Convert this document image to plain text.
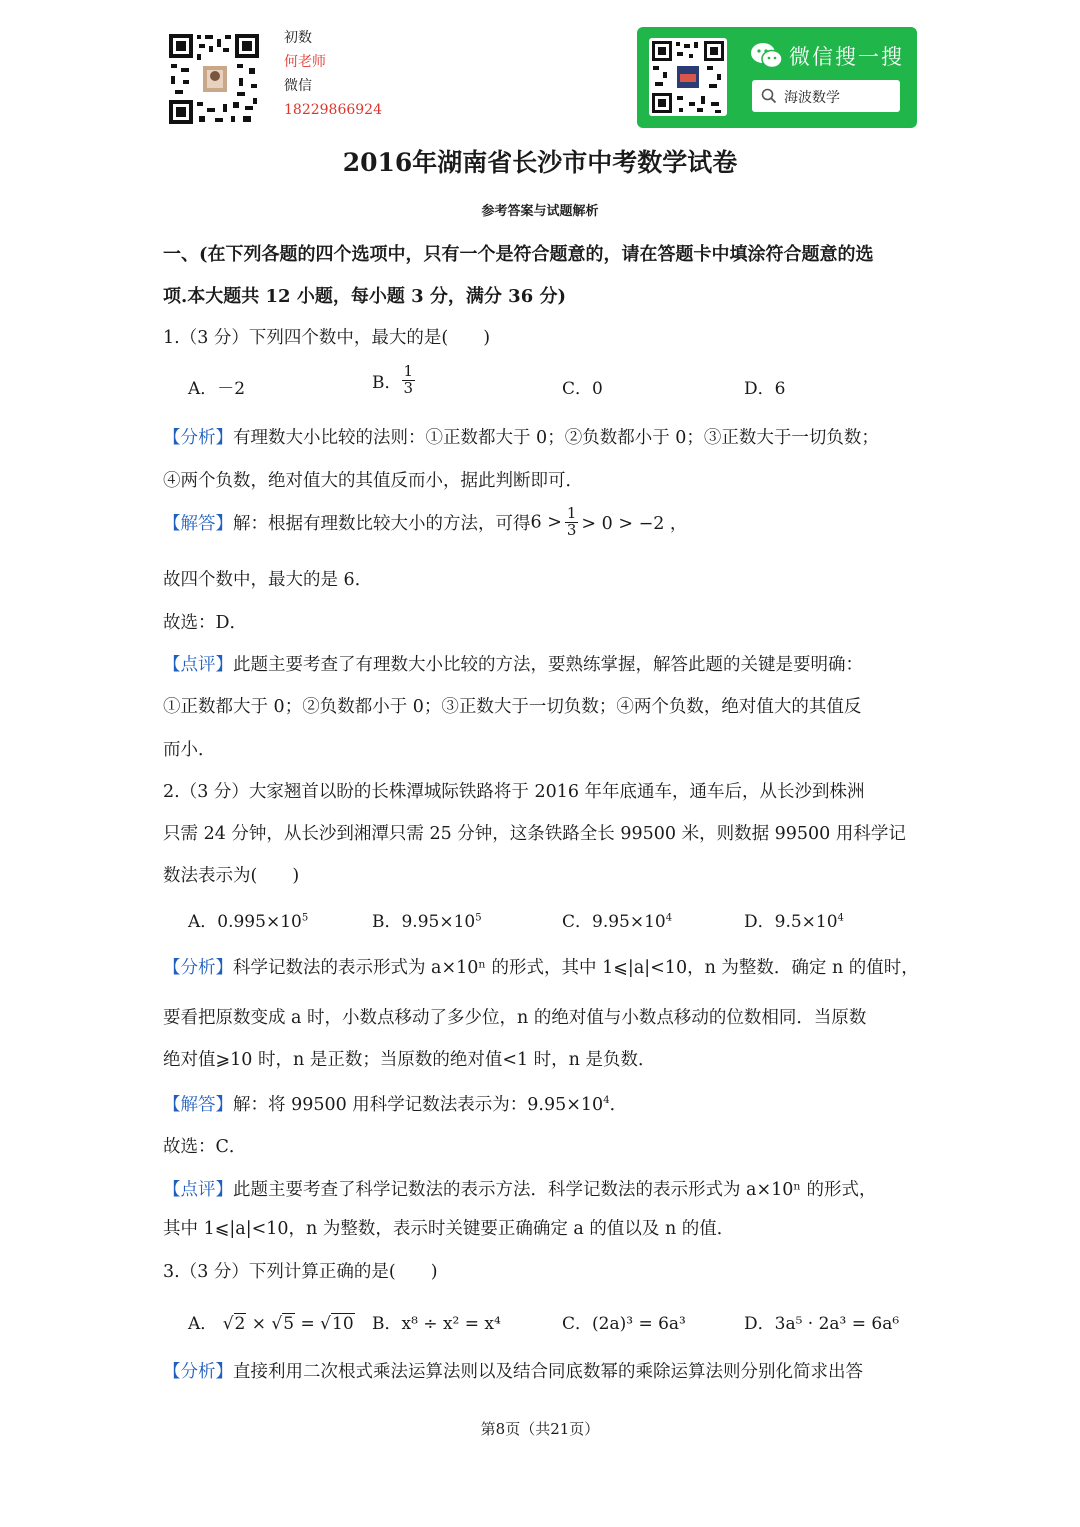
初数
何老师
微信
18229866924
微信搜一搜
海波数学
2016年湖南省长沙市中考数学试卷
参考答案与试题解析
一、(在下列各题的四个选项中，只有一个是符合题意的，请在答题卡中填涂符合题意的选
项.本大题共 12 小题，每小题 3 分，满分 36 分)
1.（3 分）下列四个数中，最大的是(　　)
A．－2	B． $\frac{1}{3}$	C．0	D．6
【分析】有理数大小比较的法则：①正数都大于 0；②负数都小于 0；③正数大于一切负数；
④两个负数，绝对值大的其值反而小，据此判断即可．
【解答】解：根据有理数比较大小的方法，可得$6 > \frac{1}{3} > 0 > -2$ ，
故四个数中，最大的是 6．
故选：D．
【点评】此题主要考查了有理数大小比较的方法，要熟练掌握，解答此题的关键是要明确：
①正数都大于 0；②负数都小于 0；③正数大于一切负数；④两个负数，绝对值大的其值反
而小．
2.（3 分）大家翘首以盼的长株潭城际铁路将于 2016 年年底通车，通车后，从长沙到株洲
只需 24 分钟，从长沙到湘潭只需 25 分钟，这条铁路全长 99500 米，则数据 99500 用科学记
数法表示为(　　)
A．$0.995\times 10^5$	B．$9.95\times 10^5$	C．$9.95\times 10^4$	D．$9.5\times 10^4$
【分析】科学记数法的表示形式为 a×10ⁿ 的形式，其中 1⩽|a|<10，n 为整数．确定 n 的值时，
要看把原数变成 a 时，小数点移动了多少位，n 的绝对值与小数点移动的位数相同．当原数
绝对值⩾10 时，n 是正数；当原数的绝对值<1 时，n 是负数．
【解答】解：将 99500 用科学记数法表示为：$9.95\times 10^4$．
故选：C．
【点评】此题主要考查了科学记数法的表示方法．科学记数法的表示形式为 a×10ⁿ 的形式，
其中 1⩽|a|<10，n 为整数，表示时关键要正确确定 a 的值以及 n 的值．
3.（3 分）下列计算正确的是(　　)
A． √2 × √5 = √10 B．x⁸ ÷ x² = x⁴	C．(2a)³ = 6a³	D．3a⁵ · 2a³ = 6a⁶
【分析】直接利用二次根式乘法运算法则以及结合同底数幂的乘除运算法则分别化简求出答
第8页（共21页）
